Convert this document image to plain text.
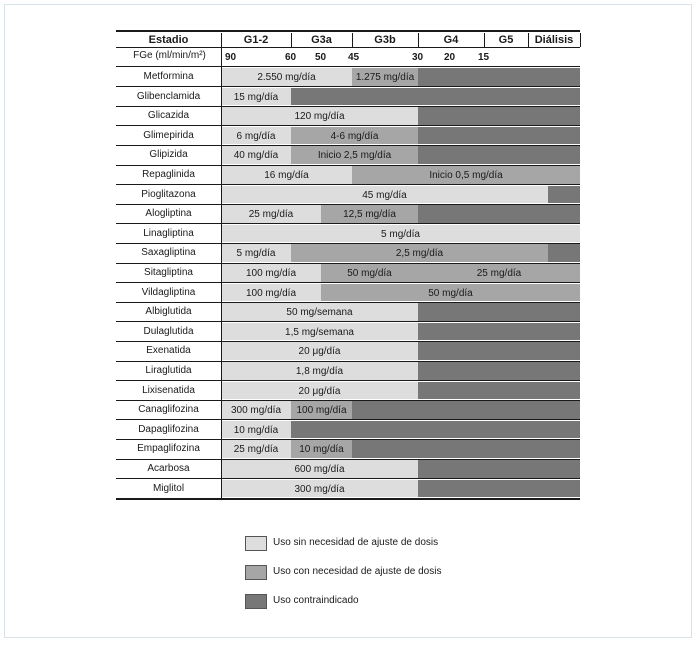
Estadio	G1-2	G3a	G3b	G4	G5	Diálisis
FGe (ml/min/m²)	90	60 50 45	30 20 15
Metformina	2.550 mg/día	1.275 mg/día
Glibenclamida	15 mg/día
Glicazida	120 mg/día
Glimepirida	6 mg/día	4-6 mg/día
Glipizida	40 mg/día	Inicio 2,5 mg/día
Repaglinida	16 mg/día	Inicio 0,5 mg/día
Pioglitazona	45 mg/día
Alogliptina	25 mg/día	12,5 mg/día
Linagliptina	5 mg/día
Saxagliptina	5 mg/día	2,5 mg/día
Sitagliptina	100 mg/día	50 mg/día	25 mg/día
Vildagliptina	100 mg/día	50 mg/día
Albiglutida	50 mg/semana
Dulaglutida	1,5 mg/semana
Exenatida	20 μg/día
Liraglutida	1,8 mg/día
Lixisenatida	20 μg/día
Canaglifozina	300 mg/día	100 mg/día
Dapaglifozina	10 mg/día
Empaglifozina	25 mg/día	10 mg/día
Acarbosa	600 mg/día
Miglitol	300 mg/día
Uso sin necesidad de ajuste de dosis
Uso con necesidad de ajuste de dosis
Uso contraindicado
